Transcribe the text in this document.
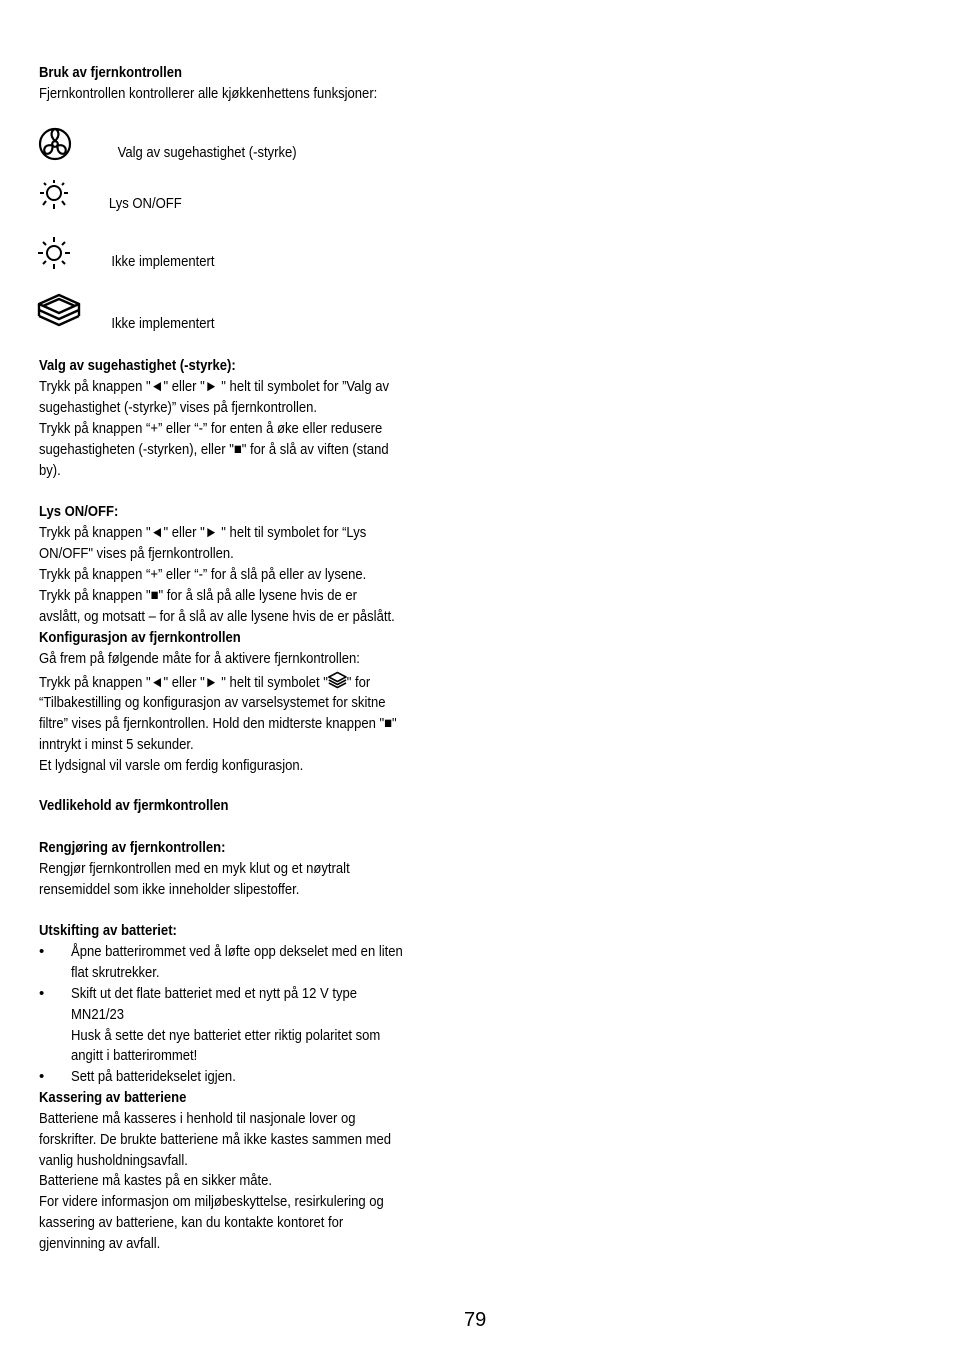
Bruk av fjernkontrollen
Fjernkontrollen kontrollerer alle kjøkkenhettens funksjoner:
Valg av sugehastighet (-styrke)
Lys ON/OFF
Ikke implementert
Ikke implementert
Valg av sugehastighet (-styrke):
Trykk på knappen "◄" eller "► " helt til symbolet for ”Valg av
sugehastighet (-styrke)” vises på fjernkontrollen.
Trykk på knappen “+” eller “-” for enten å øke eller redusere
sugehastigheten (-styrken), eller "■" for å slå av viften (stand
by).
Lys ON/OFF:
Trykk på knappen "◄" eller "► " helt til symbolet for “Lys
ON/OFF" vises på fjernkontrollen.
Trykk på knappen “+” eller “-” for å slå på eller av lysene.
Trykk på knappen "■" for å slå på alle lysene hvis de er
avslått, og motsatt – for å slå av alle lysene hvis de er påslått.
Konfigurasjon av fjernkontrollen
Gå frem på følgende måte for å aktivere fjernkontrollen:
Trykk på knappen "◄" eller "► " helt til symbolet " " for
“Tilbakestilling og konfigurasjon av varselsystemet for skitne
filtre” vises på fjernkontrollen. Hold den midterste knappen "■"
inntrykt i minst 5 sekunder.
Et lydsignal vil varsle om ferdig konfigurasjon.
Vedlikehold av fjermkontrollen
Rengjøring av fjernkontrollen:
Rengjør fjernkontrollen med en myk klut og et nøytralt
rensemiddel som ikke inneholder slipestoffer.
Utskifting av batteriet:
• Åpne batterirommet ved å løfte opp dekselet med en liten
flat skrutrekker.
• Skift ut det flate batteriet med et nytt på 12 V type
MN21/23
Husk å sette det nye batteriet etter riktig polaritet som
angitt i batterirommet!
• Sett på batteridekselet igjen.
Kassering av batteriene
Batteriene må kasseres i henhold til nasjonale lover og
forskrifter. De brukte batteriene må ikke kastes sammen med
vanlig husholdningsavfall.
Batteriene må kastes på en sikker måte.
For videre informasjon om miljøbeskyttelse, resirkulering og
kassering av batteriene, kan du kontakte kontoret for
gjenvinning av avfall.
79
